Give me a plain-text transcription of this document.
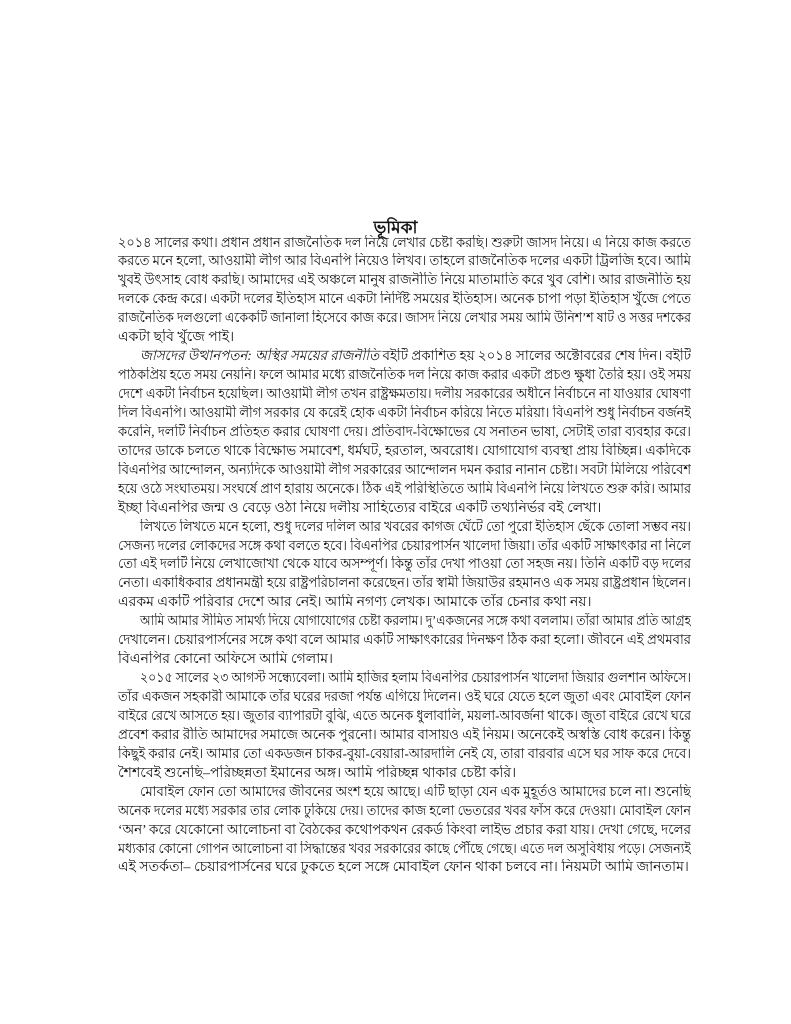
ভূমিকা
২০১৪ সালের কথা। প্রধান প্রধান রাজনৈতিক দল নিয়ে লেখার চেষ্টা করছি। শুরুটা জাসদ নিয়ে। এ নিয়ে কাজ করতে
করতে মনে হলো, আওয়ামী লীগ আর বিএনপি নিয়েও লিখব। তাহলে রাজনৈতিক দলের একটা ট্রিলজি হবে। আমি
খুবই উৎসাহ বোধ করছি। আমাদের এই অঞ্চলে মানুষ রাজনীতি নিয়ে মাতামাতি করে খুব বেশি। আর রাজনীতি হয়
দলকে কেন্দ্র করে। একটা দলের ইতিহাস মানে একটা নির্দিষ্ট সময়ের ইতিহাস। অনেক চাপা পড়া ইতিহাস খুঁজে পেতে
রাজনৈতিক দলগুলো একেকটি জানালা হিসেবে কাজ করে। জাসদ নিয়ে লেখার সময় আমি উনিশ’শ ষাট ও সত্তর দশকের
একটা ছবি খুঁজে পাই।
জাসদের উত্থানপতন: অস্থির সময়ের রাজনীতি বইটি প্রকাশিত হয় ২০১৪ সালের অক্টোবরের শেষ দিন। বইটি
পাঠকপ্রিয় হতে সময় নেয়নি। ফলে আমার মধ্যে রাজনৈতিক দল নিয়ে কাজ করার একটা প্রচণ্ড ক্ষুধা তৈরি হয়। ওই সময়
দেশে একটা নির্বাচন হয়েছিল। আওয়ামী লীগ তখন রাষ্ট্রক্ষমতায়। দলীয় সরকারের অধীনে নির্বাচনে না যাওয়ার ঘোষণা
দিল বিএনপি। আওয়ামী লীগ সরকার যে করেই হোক একটা নির্বাচন করিয়ে নিতে মরিয়া। বিএনপি শুধু নির্বাচন বর্জনই
করেনি, দলটি নির্বাচন প্রতিহত করার ঘোষণা দেয়। প্রতিবাদ-বিক্ষোভের যে সনাতন ভাষা, সেটাই তারা ব্যবহার করে।
তাদের ডাকে চলতে থাকে বিক্ষোভ সমাবেশ, ধর্মঘট, হরতাল, অবরোধ। যোগাযোগ ব্যবস্থা প্রায় বিচ্ছিন্ন। একদিকে
বিএনপির আন্দোলন, অন্যদিকে আওয়ামী লীগ সরকারের আন্দোলন দমন করার নানান চেষ্টা। সবটা মিলিয়ে পরিবেশ
হয়ে ওঠে সংঘাতময়। সংঘর্ষে প্রাণ হারায় অনেকে। ঠিক এই পরিস্থিতিতে আমি বিএনপি নিয়ে লিখতে শুরু করি। আমার
ইচ্ছা বিএনপির জন্ম ও বেড়ে ওঠা নিয়ে দলীয় সাহিত্যের বাইরে একটি তথ্যনির্ভর বই লেখা।
লিখতে লিখতে মনে হলো, শুধু দলের দলিল আর খবরের কাগজ ঘেঁটে তো পুরো ইতিহাস ছেঁকে তোলা সম্ভব নয়।
সেজন্য দলের লোকদের সঙ্গে কথা বলতে হবে। বিএনপির চেয়ারপার্সন খালেদা জিয়া। তাঁর একটি সাক্ষাৎকার না নিলে
তো এই দলটি নিয়ে লেখাজোখা থেকে যাবে অসম্পূর্ণ। কিন্তু তাঁর দেখা পাওয়া তো সহজ নয়। তিনি একটি বড় দলের
নেতা। একাধিকবার প্রধানমন্ত্রী হয়ে রাষ্ট্রপরিচালনা করেছেন। তাঁর স্বামী জিয়াউর রহমানও এক সময় রাষ্ট্রপ্রধান ছিলেন।
এরকম একটি পরিবার দেশে আর নেই। আমি নগণ্য লেখক। আমাকে তাঁর চেনার কথা নয়।
আমি আমার সীমিত সামর্থ্য দিয়ে যোগাযোগের চেষ্টা করলাম। দু’একজনের সঙ্গে কথা বললাম। তাঁরা আমার প্রতি আগ্রহ
দেখালেন। চেয়ারপার্সনের সঙ্গে কথা বলে আমার একটি সাক্ষাৎকারের দিনক্ষণ ঠিক করা হলো। জীবনে এই প্রথমবার
বিএনপির কোনো অফিসে আমি গেলাম।
২০১৫ সালের ২৩ আগস্ট সন্ধ্যেবেলা। আমি হাজির হলাম বিএনপির চেয়ারপার্সন খালেদা জিয়ার গুলশান অফিসে।
তাঁর একজন সহকারী আমাকে তাঁর ঘরের দরজা পর্যন্ত এগিয়ে দিলেন। ওই ঘরে যেতে হলে জুতা এবং মোবাইল ফোন
বাইরে রেখে আসতে হয়। জুতার ব্যাপারটা বুঝি, এতে অনেক ধুলাবালি, ময়লা-আবর্জনা থাকে। জুতা বাইরে রেখে ঘরে
প্রবেশ করার রীতি আমাদের সমাজে অনেক পুরনো। আমার বাসায়ও এই নিয়ম। অনেকেই অস্বস্তি বোধ করেন। কিন্তু
কিছুই করার নেই। আমার তো একডজন চাকর-বুয়া-বেয়ারা-আরদালি নেই যে, তারা বারবার এসে ঘর সাফ করে দেবে।
শৈশবেই শুনেছি–পরিচ্ছন্নতা ইমানের অঙ্গ। আমি পরিচ্ছন্ন থাকার চেষ্টা করি।
মোবাইল ফোন তো আমাদের জীবনের অংশ হয়ে আছে। এটি ছাড়া যেন এক মুহূর্তও আমাদের চলে না। শুনেছি
অনেক দলের মধ্যে সরকার তার লোক ঢুকিয়ে দেয়। তাদের কাজ হলো ভেতরের খবর ফাঁস করে দেওয়া। মোবাইল ফোন
‘অন’ করে যেকোনো আলোচনা বা বৈঠকের কথোপকথন রেকর্ড কিংবা লাইভ প্রচার করা যায়। দেখা গেছে, দলের
মধ্যকার কোনো গোপন আলোচনা বা সিদ্ধান্তের খবর সরকারের কাছে পৌঁছে গেছে। এতে দল অসুবিধায় পড়ে। সেজন্যই
এই সতর্কতা– চেয়ারপার্সনের ঘরে ঢুকতে হলে সঙ্গে মোবাইল ফোন থাকা চলবে না। নিয়মটা আমি জানতাম।
